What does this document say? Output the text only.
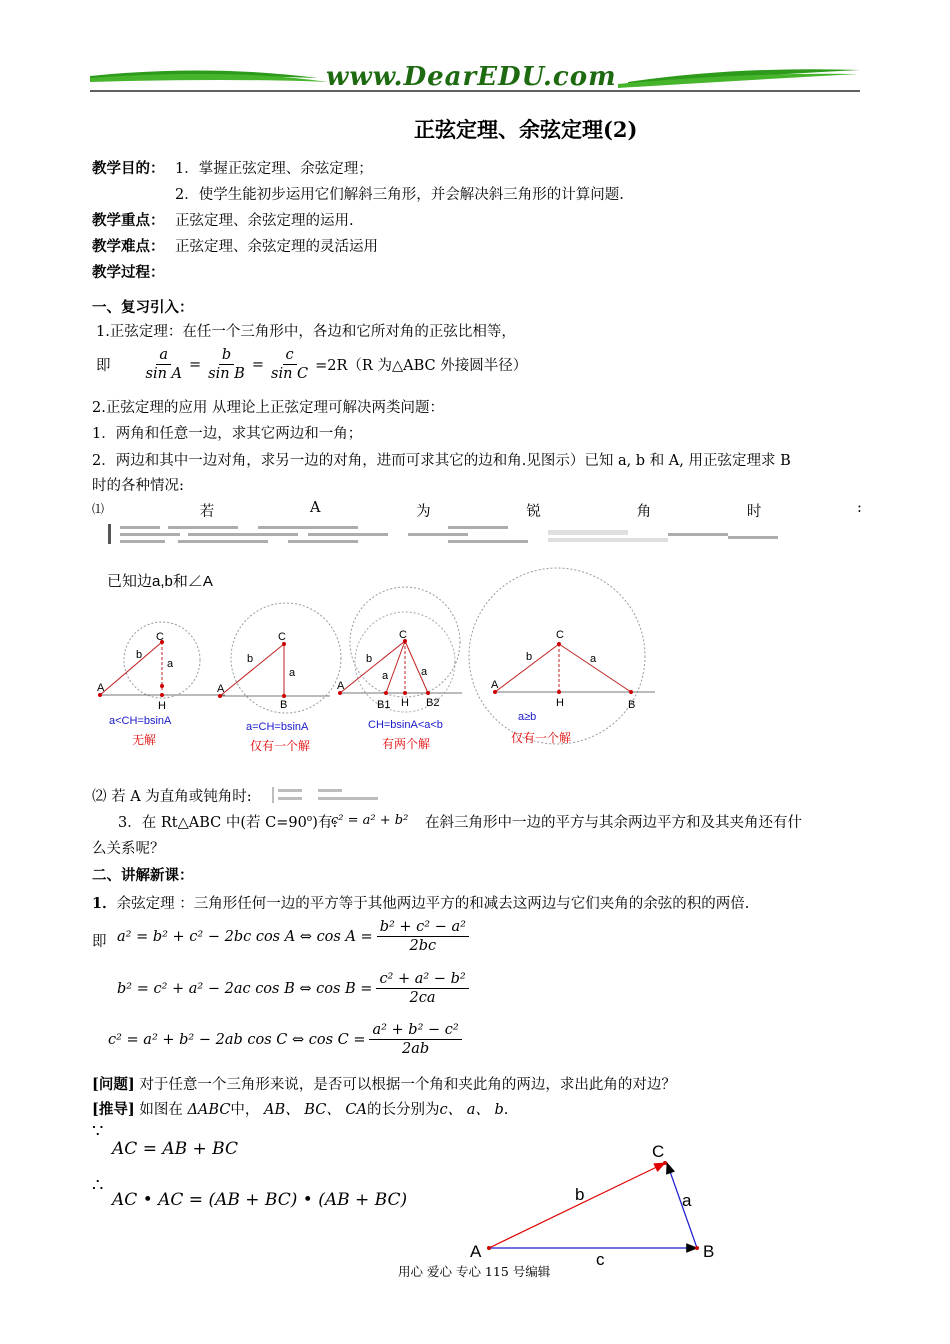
www.DearEDU.com
正弦定理、余弦定理(2)
教学目的： 1．掌握正弦定理、余弦定理；
2．使学生能初步运用它们解斜三角形，并会解决斜三角形的计算问题.
教学重点： 正弦定理、余弦定理的运用.
教学难点： 正弦定理、余弦定理的灵活运用
教学过程：
一、复习引入：
1.正弦定理：在任一个三角形中，各边和它所对角的正弦比相等，
即 $\frac{a}{\text{sin A}} = \frac{b}{\text{sin B}} = \frac{c}{\text{sin C}} =2R(R$ 为△ABC 外接圆半径）
2.正弦定理的应用 从理论上正弦定理可解决两类问题：
1．两角和任意一边，求其它两边和一角；
2．两边和其中一边对角，求另一边的对角，进而可求其它的边和角.见图示）已知 a, b 和 A, 用正弦定理求 B
时的各种情况:
⑴	若	A	为	锐	角	时	:
已知边a,b和∠A
C
b
a
A
H
a<CH=bsinA
无解
C
b
a
A
B
a=CH=bsinA
仅有一个解
C
b
a	a
A
B1 H B2
CH=bsinA<a<b
有两个解
C
b	a
A
H	B
a≥b
仅有一个解
⑵ 若 A 为直角或钝角时:
3．在 Rt△ABC 中(若 $C=90^o$)有:
c² = a² + b² 在斜三角形中一边的平方与其余两边平方和及其夹角还有什
么关系呢？
二、讲解新课：
1．余弦定理 ：三角形任何一边的平方等于其他两边平方的和减去这两边与它们夹角的余弦的积的两倍.
即 a² = b² + c² − 2bc cos A ⇔ $\cos A = \frac{\text{b² + c² − a²}}{2bc}$
b² = c² + a² − 2ac cos B ⇔ $\cos B = \frac{\text{c² + a² − b²}}{2ca}$
c² = a² + b² − 2ab cos C ⇔ $\cos C = \frac{\text{a² + b² − c²}}{2ab}$
[问题] 对于任意一个三角形来说，是否可以根据一个角和夹此角的两边，求出此角的对边？
[推导] 如图在 ΔABC中， AB、 BC、 CA的长分别为c、 a、 b.
∵
AC = AB + BC
∴
AC • AC = (AB + BC) • (AB + BC)
A	B
C
b	a
c
用心 爱心 专心 115 号编辑
